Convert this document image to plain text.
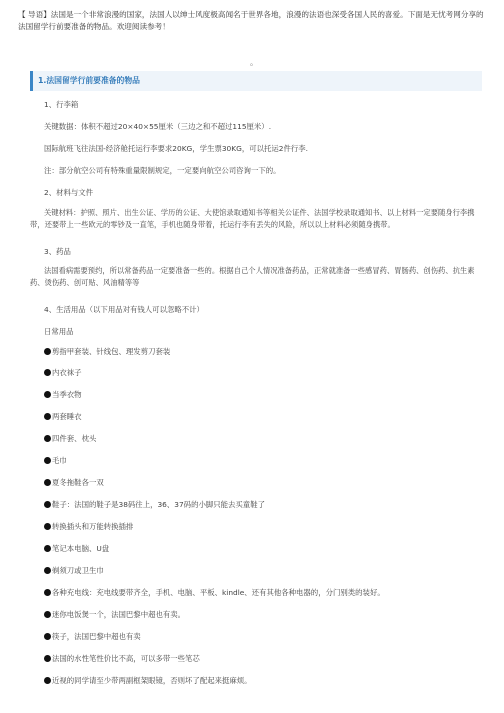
【 导语】法国是一个非常浪漫的国家，法国人以绅士风度极高闻名于世界各地，浪漫的法语也深受各国人民的喜爱。下面是无忧考网分享的法国留学行前要准备的物品。欢迎阅读参考！
。
1.法国留学行前要准备的物品
1、行李箱
关键数据：体积不超过20×40×55厘米（三边之和不超过115厘米）.
国际航班飞往法国-经济舱托运行李要求20KG，学生票30KG，可以托运2件行李.
注：部分航空公司有特殊重量限制规定，一定要向航空公司咨询一下的。
2、材料与文件
关键材料：护照、照片、出生公证、学历的公证、大使馆录取通知书等相关公证件、法国学校录取通知书、以上材料一定要随身行李携带，还要带上一些欧元的零钞及一直笔，手机也随身带着，托运行李有丢失的风险，所以以上材料必须随身携带。
3、药品
法国看病需要预约，所以常备药品一定要准备一些的。根据自己个人情况准备药品，正常就准备一些感冒药、胃肠药、创伤药、抗生素药、烫伤药、创可贴、风油精等等
4、生活用品（以下用品对有钱人可以忽略不计）
日常用品
剪指甲套装、针线包、理发剪刀套装
内衣袜子
当季衣物
两套睡衣
四件套、枕头
毛巾
夏冬拖鞋各一双
鞋子：法国的鞋子是38码往上，36、37码的小脚只能去买童鞋了
转换插头和万能转换插排
笔记本电脑、U盘
剃须刀或卫生巾
各种充电线：充电线要带齐全，手机、电脑、平板、kindle、还有其他各种电器的，分门别类的装好。
迷你电饭煲一个，法国巴黎中超也有卖。
筷子，法国巴黎中超也有卖
法国的水性笔性价比不高，可以多带一些笔芯
近视的同学请至少带两副框架眼镜，否则坏了配起来挺麻烦。
